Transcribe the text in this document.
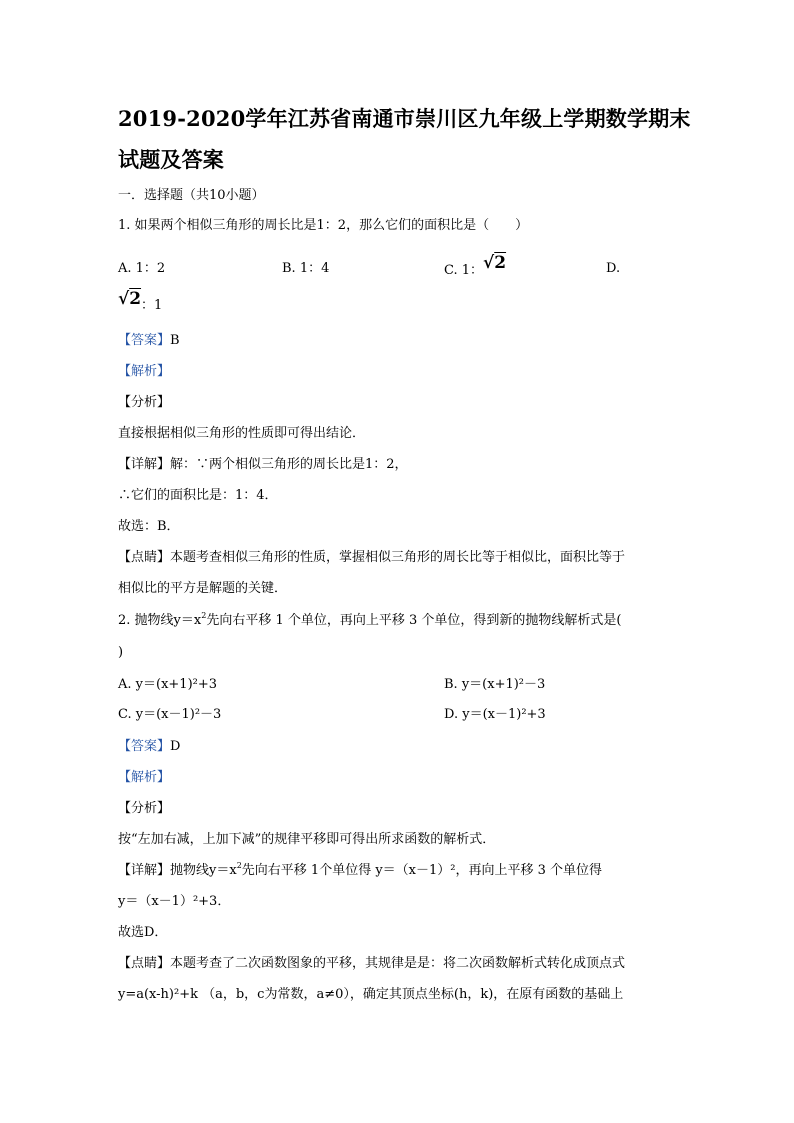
2019-2020学年江苏省南通市崇川区九年级上学期数学期末
试题及答案
一．选择题（共10小题）
1. 如果两个相似三角形的周长比是1：2，那么它们的面积比是（　　）
A. 1：2	B. 1：4	C. 1：√2	D.
√2：1
【答案】B
【解析】
【分析】
直接根据相似三角形的性质即可得出结论．
【详解】解：∵两个相似三角形的周长比是1：2，
∴它们的面积比是：1：4．
故选：B．
【点睛】本题考查相似三角形的性质，掌握相似三角形的周长比等于相似比，面积比等于
相似比的平方是解题的关键．
2. 抛物线$y=x^2$先向右平移 1 个单位，再向上平移 3 个单位，得到新的抛物线解析式是(
)
A. y＝(x+1)²+3	B. y＝(x+1)²－3
C. y＝(x－1)²－3	D. y＝(x－1)²+3
【答案】D
【解析】
【分析】
按“左加右减，上加下减”的规律平移即可得出所求函数的解析式．
【详解】抛物线$y=x^2$先向右平移 1个单位得 y＝（x－1）²，再向上平移 3 个单位得
y＝（x－1）²+3．
故选D．
【点睛】本题考查了二次函数图象的平移，其规律是是：将二次函数解析式转化成顶点式
y=a(x-h)²+k （a，b，c为常数，a≠0），确定其顶点坐标(h，k)，在原有函数的基础上
